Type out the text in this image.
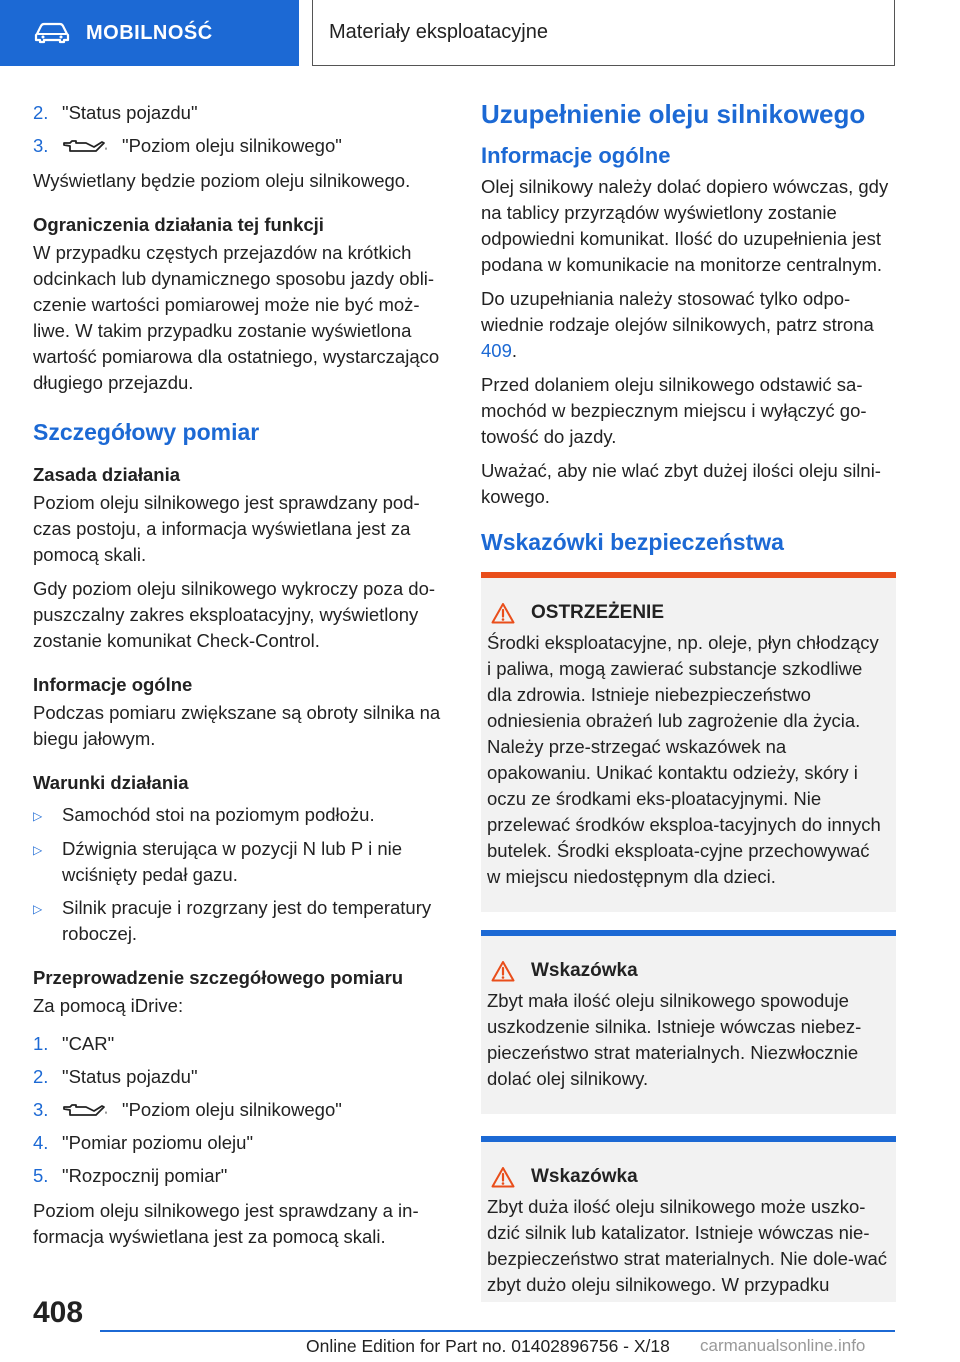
MOBILNOŚĆ	Materiały eksploatacyjne
2. "Status pojazdu"
3.	"Poziom oleju silnikowego"

Wyświetlany będzie poziom oleju silnikowego.

Ograniczenia działania tej funkcji

W przypadku częstych przejazdów na krótkich odcinkach lub dynamicznego sposobu jazdy obli‐czenie wartości pomiarowej może nie być moż‐liwe. W takim przypadku zostanie wyświetlona wartość pomiarowa dla ostatniego, wystarczająco długiego przejazdu.

Szczegółowy pomiar
Zasada działania

Poziom oleju silnikowego jest sprawdzany pod‐czas postoju, a informacja wyświetlana jest za pomocą skali.

Gdy poziom oleju silnikowego wykroczy poza do‐puszczalny zakres eksploatacyjny, wyświetlony zostanie komunikat Check-Control.

Informacje ogólne

Podczas pomiaru zwiększane są obroty silnika na biegu jałowym.

Warunki działania
▷	Samochód stoi na poziomym podłożu.
▷	Dźwignia sterująca w pozycji N lub P i nie wciśnięty pedał gazu.
▷	Silnik pracuje i rozgrzany jest do temperatury roboczej.
Przeprowadzenie szczegółowego pomiaru

Za pomocą iDrive:

1. "CAR"
2. "Status pojazdu"
3.	"Poziom oleju silnikowego"
4. "Pomiar poziomu oleju"
5. "Rozpocznij pomiar"

Poziom oleju silnikowego jest sprawdzany a in‐formacja wyświetlana jest za pomocą skali.

Uzupełnienie oleju silnikowego
Informacje ogólne

Olej silnikowy należy dolać dopiero wówczas, gdy na tablicy przyrządów wyświetlony zostanie odpowiedni komunikat. Ilość do uzupełnienia jest podana w komunikacie na monitorze centralnym.

Do uzupełniania należy stosować tylko odpo‐wiednie rodzaje olejów silnikowych, patrz strona 409.

Przed dolaniem oleju silnikowego odstawić sa‐mochód w bezpiecznym miejscu i wyłączyć go‐towość do jazdy.

Uważać, aby nie wlać zbyt dużej ilości oleju silni‐kowego.

Wskazówki bezpieczeństwa
OSTRZEŻENIE

Środki eksploatacyjne, np. oleje, płyn chłodzący i paliwa, mogą zawierać substancje szkodliwe dla zdrowia. Istnieje niebezpieczeństwo odniesienia obrażeń lub zagrożenie dla życia. Należy prze‐strzegać wskazówek na opakowaniu. Unikać kontaktu odzieży, skóry i oczu ze środkami eks‐ploatacyjnymi. Nie przelewać środków eksploa‐tacyjnych do innych butelek. Środki eksploata‐cyjne przechowywać w miejscu niedostępnym dla dzieci.

Wskazówka

Zbyt mała ilość oleju silnikowego spowoduje uszkodzenie silnika. Istnieje wówczas niebez‐pieczeństwo strat materialnych. Niezwłocznie dolać olej silnikowy.

Wskazówka

Zbyt duża ilość oleju silnikowego może uszko‐dzić silnik lub katalizator. Istnieje wówczas nie‐bezpieczeństwo strat materialnych. Nie dole‐wać zbyt dużo oleju silnikowego. W przypadku

408
Online Edition for Part no. 01402896756 - X/18 carmanualsonline.info
